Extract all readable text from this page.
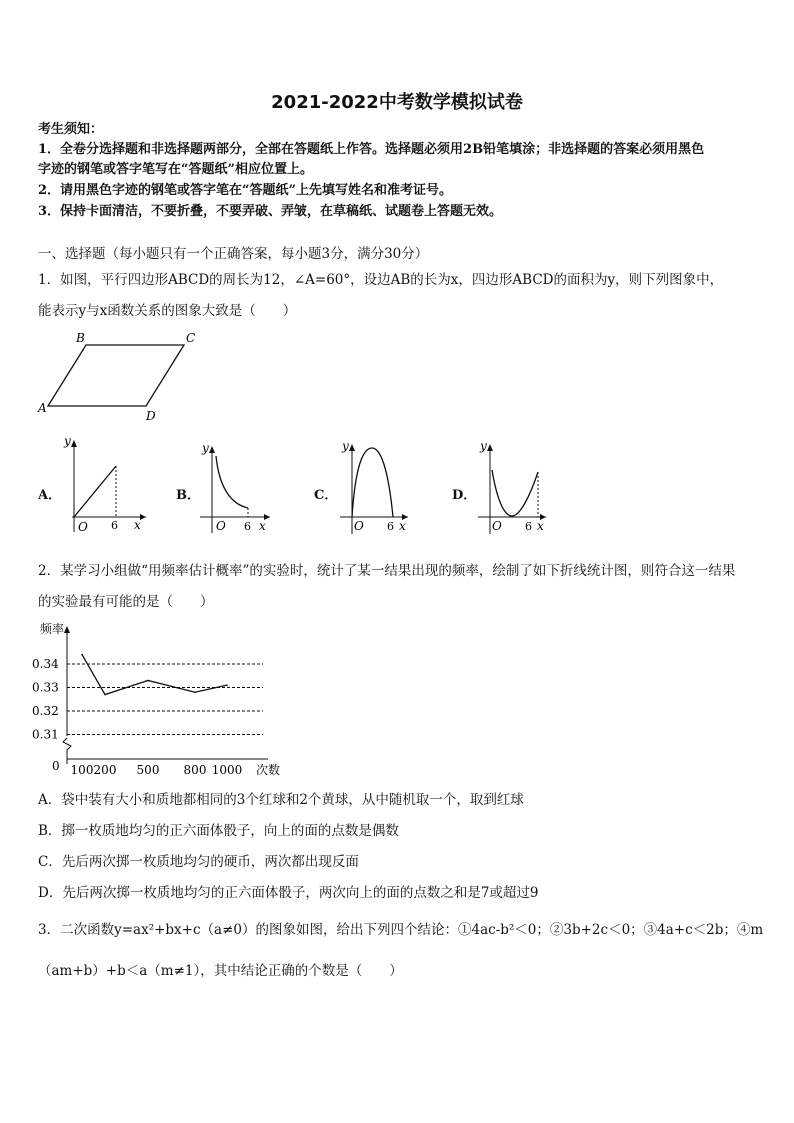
2021-2022中考数学模拟试卷
考生须知：
1．全卷分选择题和非选择题两部分，全部在答题纸上作答。选择题必须用2B铅笔填涂；非选择题的答案必须用黑色
字迹的钢笔或答字笔写在“答题纸”相应位置上。
2．请用黑色字迹的钢笔或答字笔在“答题纸”上先填写姓名和准考证号。
3．保持卡面清洁，不要折叠，不要弄破、弄皱，在草稿纸、试题卷上答题无效。
一、选择题（每小题只有一个正确答案，每小题3分，满分30分）
1．如图，平行四边形ABCD的周长为12，∠A=60°，设边AB的长为x，四边形ABCD的面积为y，则下列图象中，
能表示y与x函数关系的图象大致是（　　）
B	C
A
D
A．	B．	C．	D．
y
O 6 x
y
O 6 x
y
O 6 x
y
O 6 x
2．某学习小组做“用频率估计概率”的实验时，统计了某一结果出现的频率，绘制了如下折线统计图，则符合这一结果
的实验最有可能的是（　　）
频率
次数
0
0.34
0.33
0.32
0.31
100 200 500 800 1000
A．袋中装有大小和质地都相同的3个红球和2个黄球，从中随机取一个，取到红球
B．掷一枚质地均匀的正六面体骰子，向上的面的点数是偶数
C．先后两次掷一枚质地均匀的硬币，两次都出现反面
D．先后两次掷一枚质地均匀的正六面体骰子，两次向上的面的点数之和是7或超过9
3．二次函数y=ax²+bx+c（a≠0）的图象如图，给出下列四个结论：①4ac-b²＜0；②3b+2c＜0；③4a+c＜2b；④m
（am+b）+b＜a（m≠1），其中结论正确的个数是（　　）
